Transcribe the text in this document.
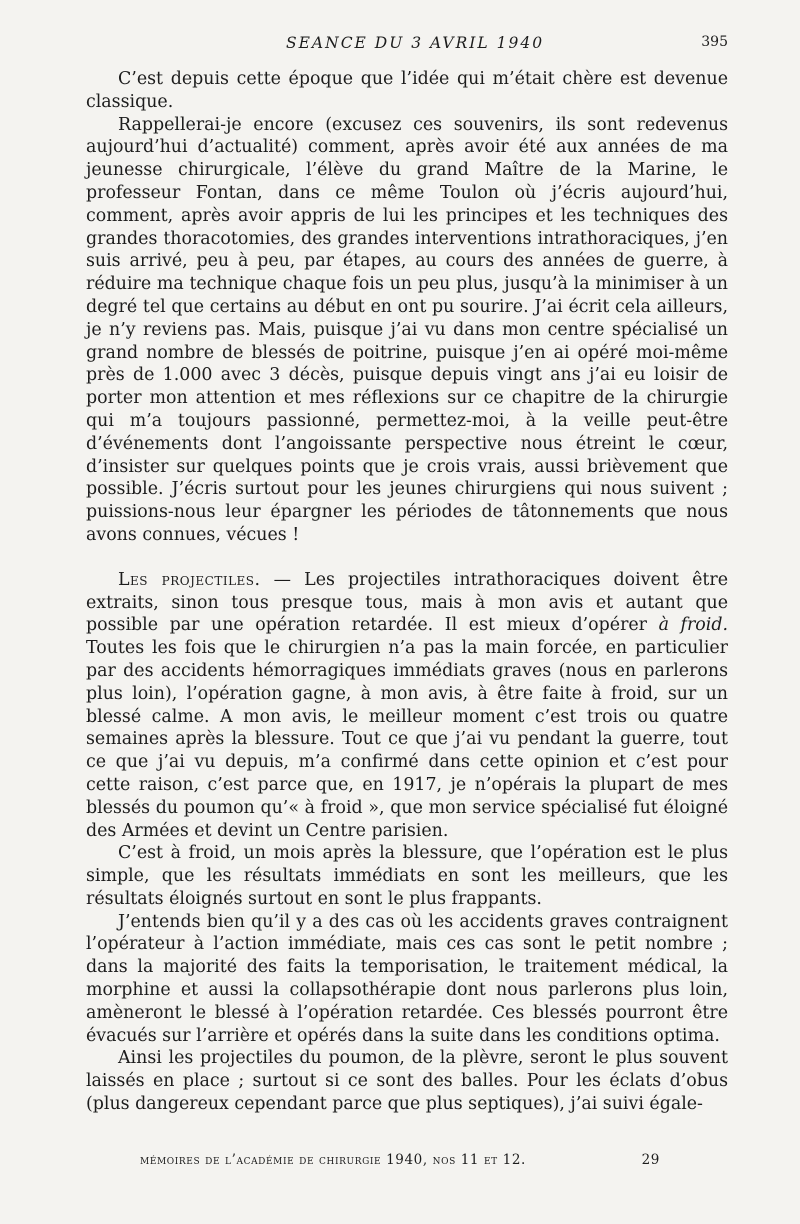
SEANCE DU 3 AVRIL 1940	395

C’est depuis cette époque que l’idée qui m’était chère est devenue classique.

Rappellerai-je encore (excusez ces souvenirs, ils sont redevenus aujourd’hui d’actualité) comment, après avoir été aux années de ma jeunesse chirurgicale, l’élève du grand Maître de la Marine, le professeur Fontan, dans ce même Toulon où j’écris aujourd’hui, comment, après avoir appris de lui les principes et les techniques des grandes thoracotomies, des grandes interventions intrathoraciques, j’en suis arrivé, peu à peu, par étapes, au cours des années de guerre, à réduire ma technique chaque fois un peu plus, jusqu’à la minimiser à un degré tel que certains au début en ont pu sourire. J’ai écrit cela ailleurs, je n’y reviens pas. Mais, puisque j’ai vu dans mon centre spécialisé un grand nombre de blessés de poitrine, puisque j’en ai opéré moi-même près de 1.000 avec 3 décès, puisque depuis vingt ans j’ai eu loisir de porter mon attention et mes réflexions sur ce chapitre de la chirurgie qui m’a toujours passionné, permettez-moi, à la veille peut-être d’événements dont l’angoissante perspective nous étreint le cœur, d’insister sur quelques points que je crois vrais, aussi brièvement que possible. J’écris surtout pour les jeunes chirurgiens qui nous suivent ; puissions-nous leur épargner les périodes de tâtonnements que nous avons connues, vécues !

Les projectiles. — Les projectiles intrathoraciques doivent être extraits, sinon tous presque tous, mais à mon avis et autant que possible par une opération retardée. Il est mieux d’opérer à froid. Toutes les fois que le chirurgien n’a pas la main forcée, en particulier par des accidents hémorragiques immédiats graves (nous en parlerons plus loin), l’opération gagne, à mon avis, à être faite à froid, sur un blessé calme. A mon avis, le meilleur moment c’est trois ou quatre semaines après la blessure. Tout ce que j’ai vu pendant la guerre, tout ce que j’ai vu depuis, m’a confirmé dans cette opinion et c’est pour cette raison, c’est parce que, en 1917, je n’opérais la plupart de mes blessés du poumon qu’« à froid », que mon service spécialisé fut éloigné des Armées et devint un Centre parisien.

C’est à froid, un mois après la blessure, que l’opération est le plus simple, que les résultats immédiats en sont les meilleurs, que les résultats éloignés surtout en sont le plus frappants.

J’entends bien qu’il y a des cas où les accidents graves contraignent l’opérateur à l’action immédiate, mais ces cas sont le petit nombre ; dans la majorité des faits la temporisation, le traitement médical, la morphine et aussi la collapsothérapie dont nous parlerons plus loin, amèneront le blessé à l’opération retardée. Ces blessés pourront être évacués sur l’arrière et opérés dans la suite dans les conditions optima.

Ainsi les projectiles du poumon, de la plèvre, seront le plus souvent laissés en place ; surtout si ce sont des balles. Pour les éclats d’obus (plus dangereux cependant parce que plus septiques), j’ai suivi égale-

mémoires de l’académie de chirurgie 1940, nos 11 et 12.	29
